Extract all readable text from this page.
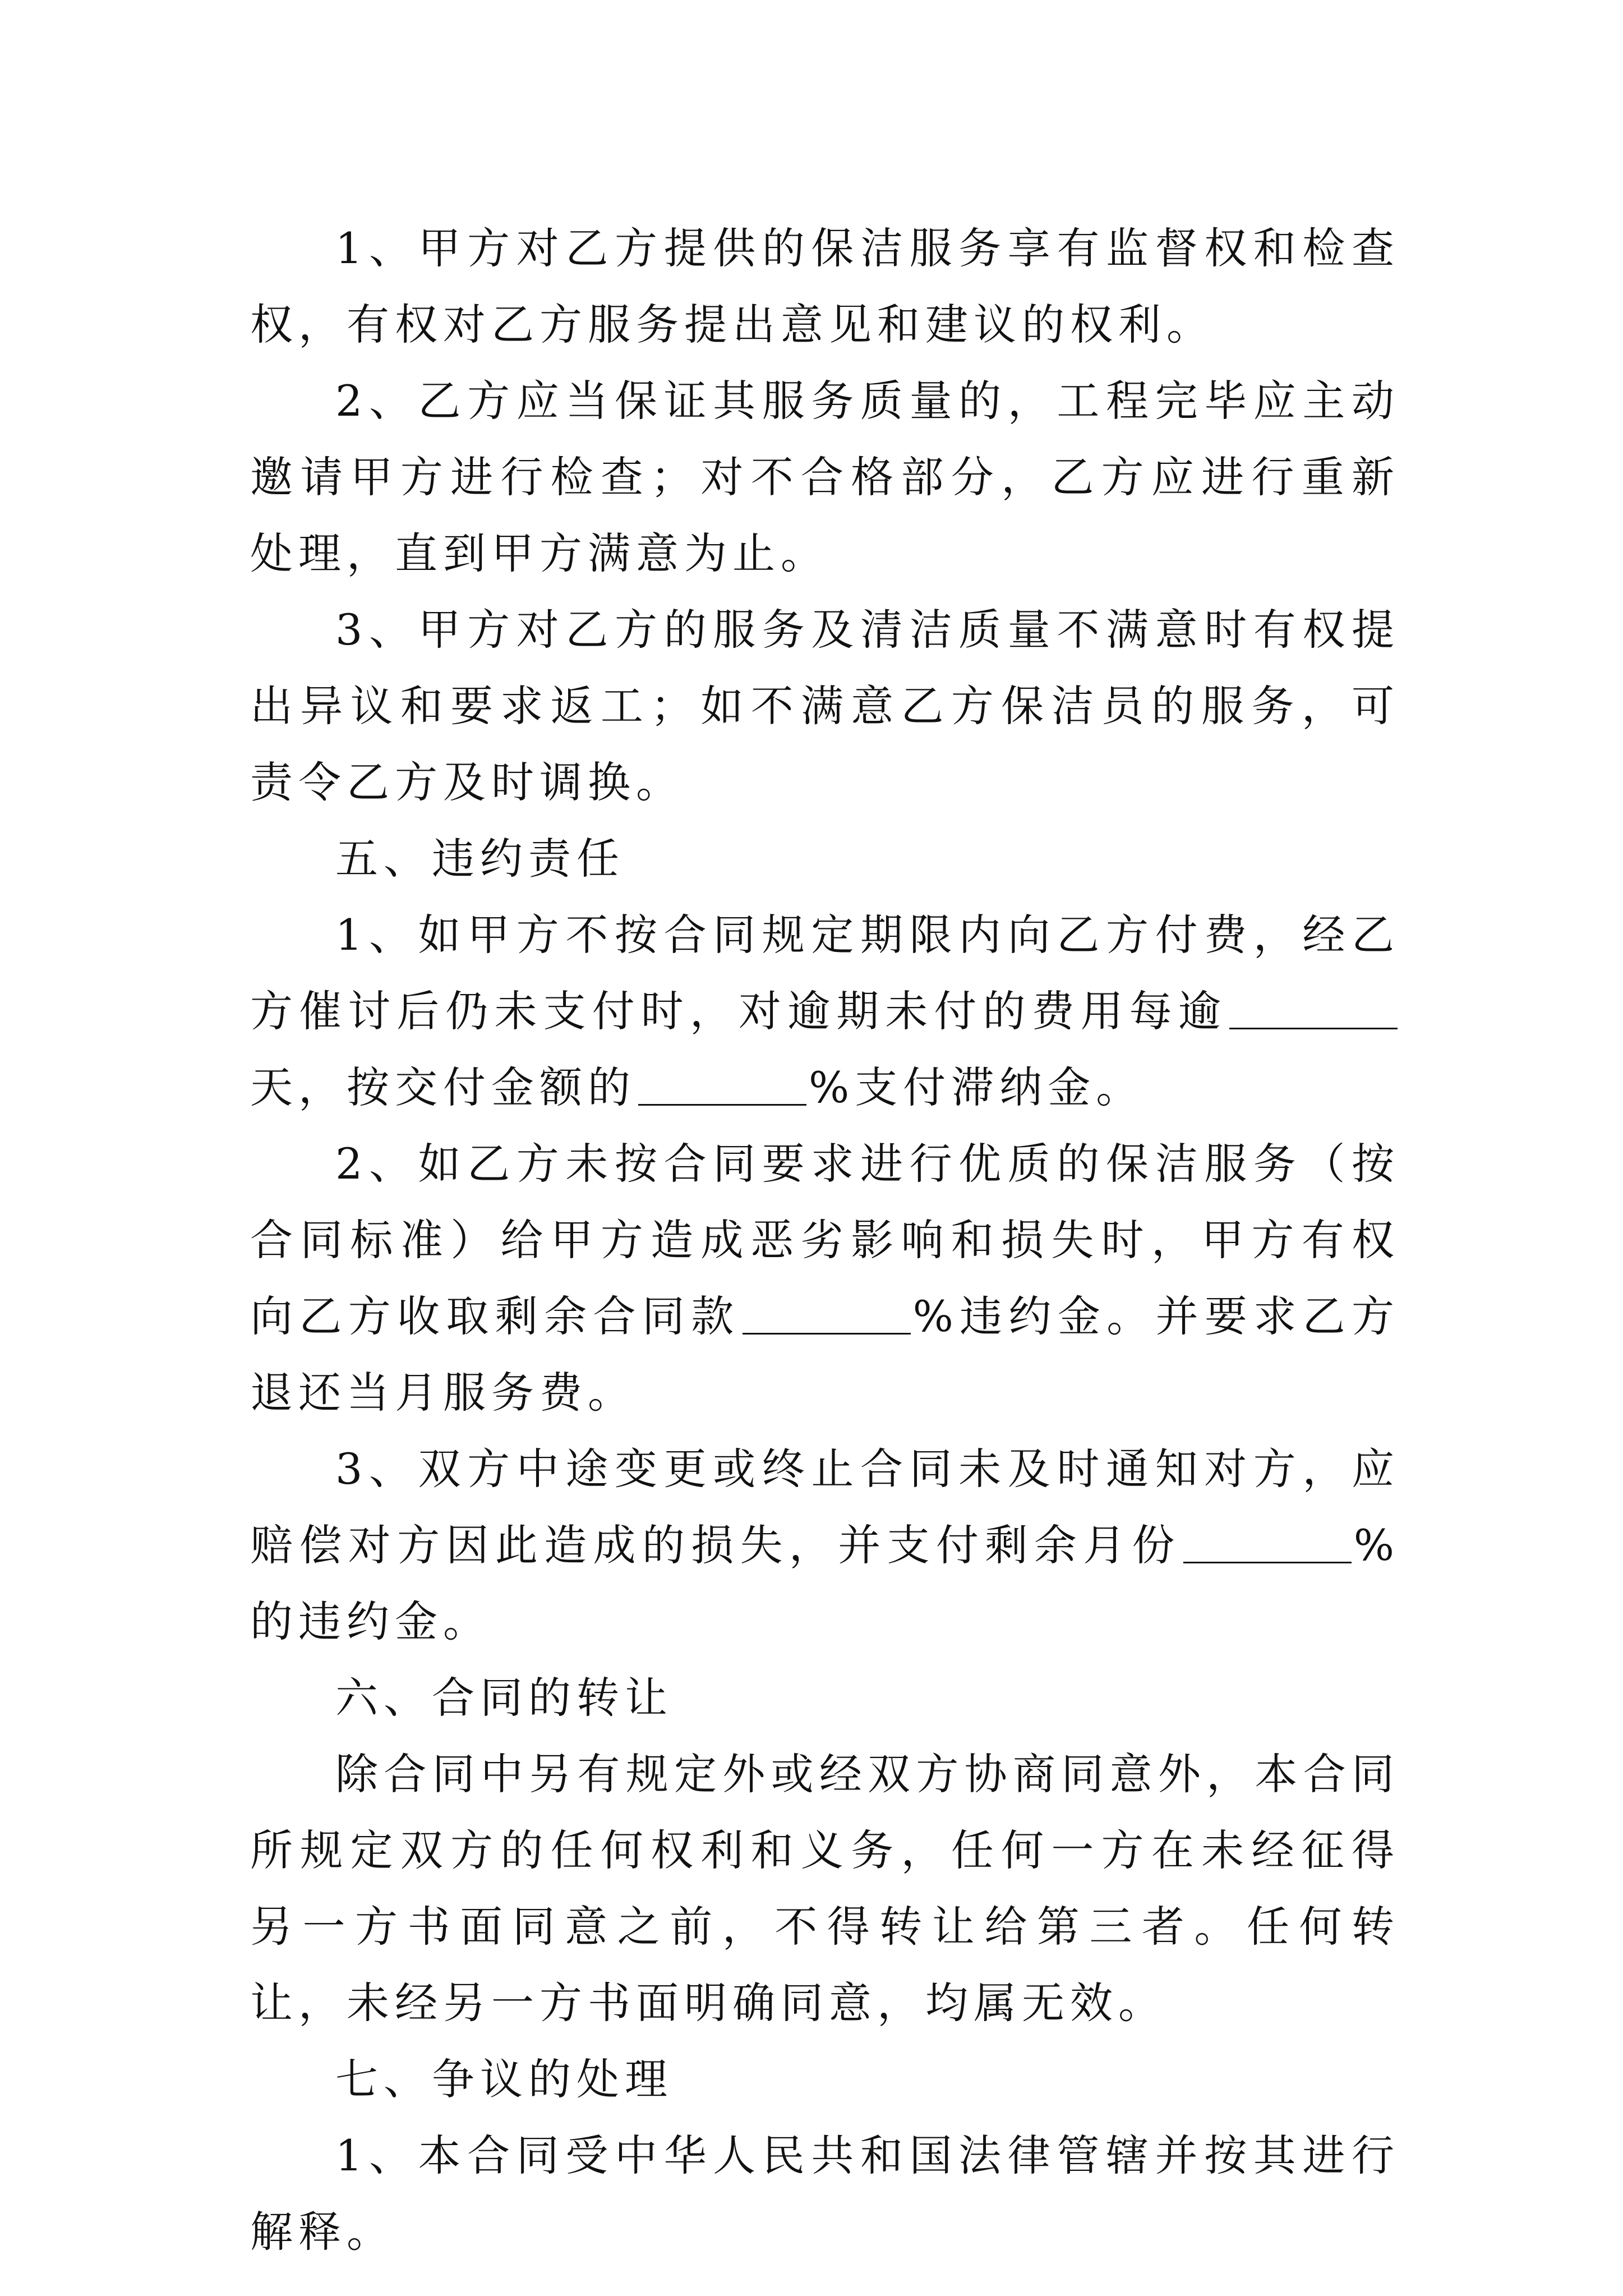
1、甲方对乙方提供的保洁服务享有监督权和检查权，有权对乙方服务提出意见和建议的权利。

2、乙方应当保证其服务质量的，工程完毕应主动邀请甲方进行检查；对不合格部分，乙方应进行重新处理，直到甲方满意为止。

3、甲方对乙方的服务及清洁质量不满意时有权提出异议和要求返工；如不满意乙方保洁员的服务，可责令乙方及时调换。

五、违约责任

1、如甲方不按合同规定期限内向乙方付费，经乙方催讨后仍未支付时，对逾期未付的费用每逾天，按交付金额的	%支付滞纳金。

2、如乙方未按合同要求进行优质的保洁服务（按合同标准）给甲方造成恶劣影响和损失时，甲方有权向乙方收取剩余合同款	%违约金。并要求乙方退还当月服务费。

3、双方中途变更或终止合同未及时通知对方，应赔偿对方因此造成的损失，并支付剩余月份	%的违约金。

六、合同的转让

除合同中另有规定外或经双方协商同意外，本合同所规定双方的任何权利和义务，任何一方在未经征得另一方书面同意之前，不得转让给第三者。任何转让，未经另一方书面明确同意，均属无效。

七、争议的处理

1、本合同受中华人民共和国法律管辖并按其进行解释。
